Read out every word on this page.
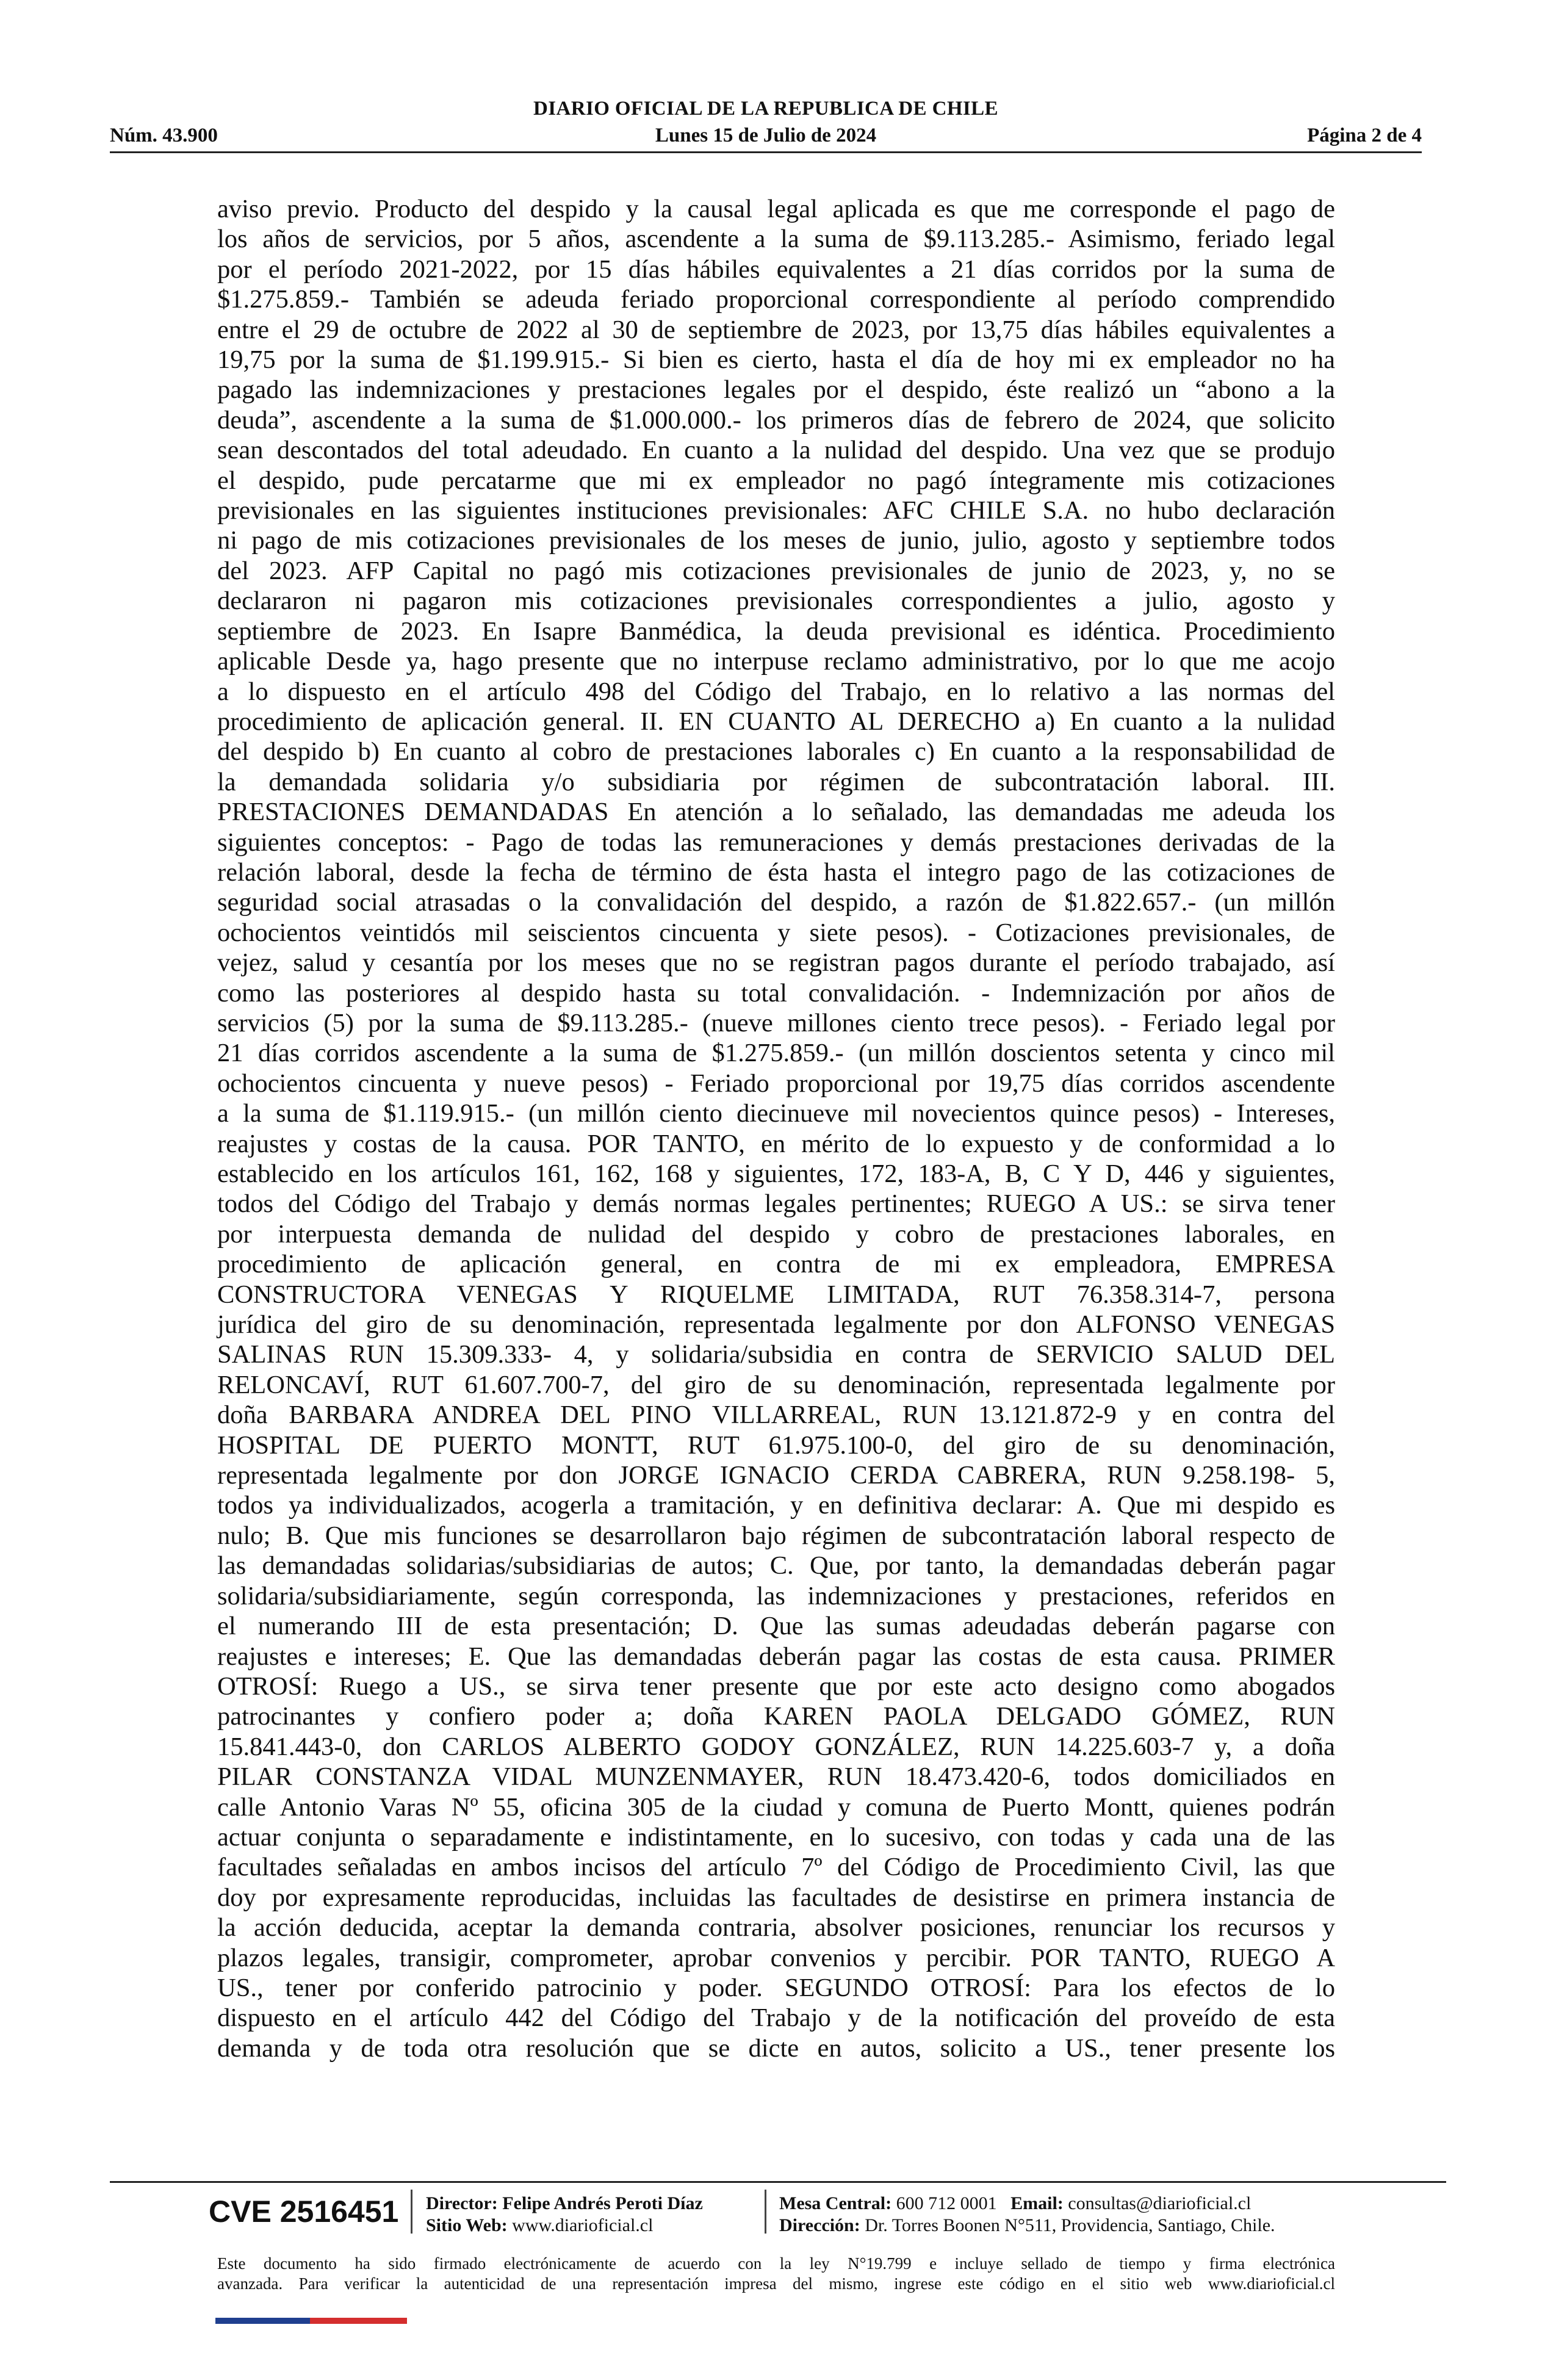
DIARIO OFICIAL DE LA REPUBLICA DE CHILE
Núm. 43.900	Lunes 15 de Julio de 2024	Página 2 de 4
aviso previo. Producto del despido y la causal legal aplicada es que me corresponde el pago de
los años de servicios, por 5 años, ascendente a la suma de $9.113.285.- Asimismo, feriado legal
por el período 2021-2022, por 15 días hábiles equivalentes a 21 días corridos por la suma de
$1.275.859.- También se adeuda feriado proporcional correspondiente al período comprendido
entre el 29 de octubre de 2022 al 30 de septiembre de 2023, por 13,75 días hábiles equivalentes a
19,75 por la suma de $1.199.915.- Si bien es cierto, hasta el día de hoy mi ex empleador no ha
pagado las indemnizaciones y prestaciones legales por el despido, éste realizó un “abono a la
deuda”, ascendente a la suma de $1.000.000.- los primeros días de febrero de 2024, que solicito
sean descontados del total adeudado. En cuanto a la nulidad del despido. Una vez que se produjo
el despido, pude percatarme que mi ex empleador no pagó íntegramente mis cotizaciones
previsionales en las siguientes instituciones previsionales: AFC CHILE S.A. no hubo declaración
ni pago de mis cotizaciones previsionales de los meses de junio, julio, agosto y septiembre todos
del 2023. AFP Capital no pagó mis cotizaciones previsionales de junio de 2023, y, no se
declararon ni pagaron mis cotizaciones previsionales correspondientes a julio, agosto y
septiembre de 2023. En Isapre Banmédica, la deuda previsional es idéntica. Procedimiento
aplicable Desde ya, hago presente que no interpuse reclamo administrativo, por lo que me acojo
a lo dispuesto en el artículo 498 del Código del Trabajo, en lo relativo a las normas del
procedimiento de aplicación general. II. EN CUANTO AL DERECHO a) En cuanto a la nulidad
del despido b) En cuanto al cobro de prestaciones laborales c) En cuanto a la responsabilidad de
la demandada solidaria y/o subsidiaria por régimen de subcontratación laboral. III.
PRESTACIONES DEMANDADAS En atención a lo señalado, las demandadas me adeuda los
siguientes conceptos: - Pago de todas las remuneraciones y demás prestaciones derivadas de la
relación laboral, desde la fecha de término de ésta hasta el integro pago de las cotizaciones de
seguridad social atrasadas o la convalidación del despido, a razón de $1.822.657.- (un millón
ochocientos veintidós mil seiscientos cincuenta y siete pesos). - Cotizaciones previsionales, de
vejez, salud y cesantía por los meses que no se registran pagos durante el período trabajado, así
como las posteriores al despido hasta su total convalidación. - Indemnización por años de
servicios (5) por la suma de $9.113.285.- (nueve millones ciento trece pesos). - Feriado legal por
21 días corridos ascendente a la suma de $1.275.859.- (un millón doscientos setenta y cinco mil
ochocientos cincuenta y nueve pesos) - Feriado proporcional por 19,75 días corridos ascendente
a la suma de $1.119.915.- (un millón ciento diecinueve mil novecientos quince pesos) - Intereses,
reajustes y costas de la causa. POR TANTO, en mérito de lo expuesto y de conformidad a lo
establecido en los artículos 161, 162, 168 y siguientes, 172, 183-A, B, C Y D, 446 y siguientes,
todos del Código del Trabajo y demás normas legales pertinentes; RUEGO A US.: se sirva tener
por interpuesta demanda de nulidad del despido y cobro de prestaciones laborales, en
procedimiento de aplicación general, en contra de mi ex empleadora, EMPRESA
CONSTRUCTORA VENEGAS Y RIQUELME LIMITADA, RUT 76.358.314-7, persona
jurídica del giro de su denominación, representada legalmente por don ALFONSO VENEGAS
SALINAS RUN 15.309.333- 4, y solidaria/subsidia en contra de SERVICIO SALUD DEL
RELONCAVÍ, RUT 61.607.700-7, del giro de su denominación, representada legalmente por
doña BARBARA ANDREA DEL PINO VILLARREAL, RUN 13.121.872-9 y en contra del
HOSPITAL DE PUERTO MONTT, RUT 61.975.100-0, del giro de su denominación,
representada legalmente por don JORGE IGNACIO CERDA CABRERA, RUN 9.258.198- 5,
todos ya individualizados, acogerla a tramitación, y en definitiva declarar: A. Que mi despido es
nulo; B. Que mis funciones se desarrollaron bajo régimen de subcontratación laboral respecto de
las demandadas solidarias/subsidiarias de autos; C. Que, por tanto, la demandadas deberán pagar
solidaria/subsidiariamente, según corresponda, las indemnizaciones y prestaciones, referidos en
el numerando III de esta presentación; D. Que las sumas adeudadas deberán pagarse con
reajustes e intereses; E. Que las demandadas deberán pagar las costas de esta causa. PRIMER
OTROSÍ: Ruego a US., se sirva tener presente que por este acto designo como abogados
patrocinantes y confiero poder a; doña KAREN PAOLA DELGADO GÓMEZ, RUN
15.841.443-0, don CARLOS ALBERTO GODOY GONZÁLEZ, RUN 14.225.603-7 y, a doña
PILAR CONSTANZA VIDAL MUNZENMAYER, RUN 18.473.420-6, todos domiciliados en
calle Antonio Varas Nº 55, oficina 305 de la ciudad y comuna de Puerto Montt, quienes podrán
actuar conjunta o separadamente e indistintamente, en lo sucesivo, con todas y cada una de las
facultades señaladas en ambos incisos del artículo 7º del Código de Procedimiento Civil, las que
doy por expresamente reproducidas, incluidas las facultades de desistirse en primera instancia de
la acción deducida, aceptar la demanda contraria, absolver posiciones, renunciar los recursos y
plazos legales, transigir, comprometer, aprobar convenios y percibir. POR TANTO, RUEGO A
US., tener por conferido patrocinio y poder. SEGUNDO OTROSÍ: Para los efectos de lo
dispuesto en el artículo 442 del Código del Trabajo y de la notificación del proveído de esta
demanda y de toda otra resolución que se dicte en autos, solicito a US., tener presente los
CVE 2516451 Director: Felipe Andrés Peroti Díaz
Sitio Web: www.diarioficial.cl
Mesa Central: 600 712 0001 Email: consultas@diarioficial.cl
Dirección: Dr. Torres Boonen N°511, Providencia, Santiago, Chile.
Este documento ha sido firmado electrónicamente de acuerdo con la ley N°19.799 e incluye sellado de tiempo y firma electrónica
avanzada. Para verificar la autenticidad de una representación impresa del mismo, ingrese este código en el sitio web www.diarioficial.cl
